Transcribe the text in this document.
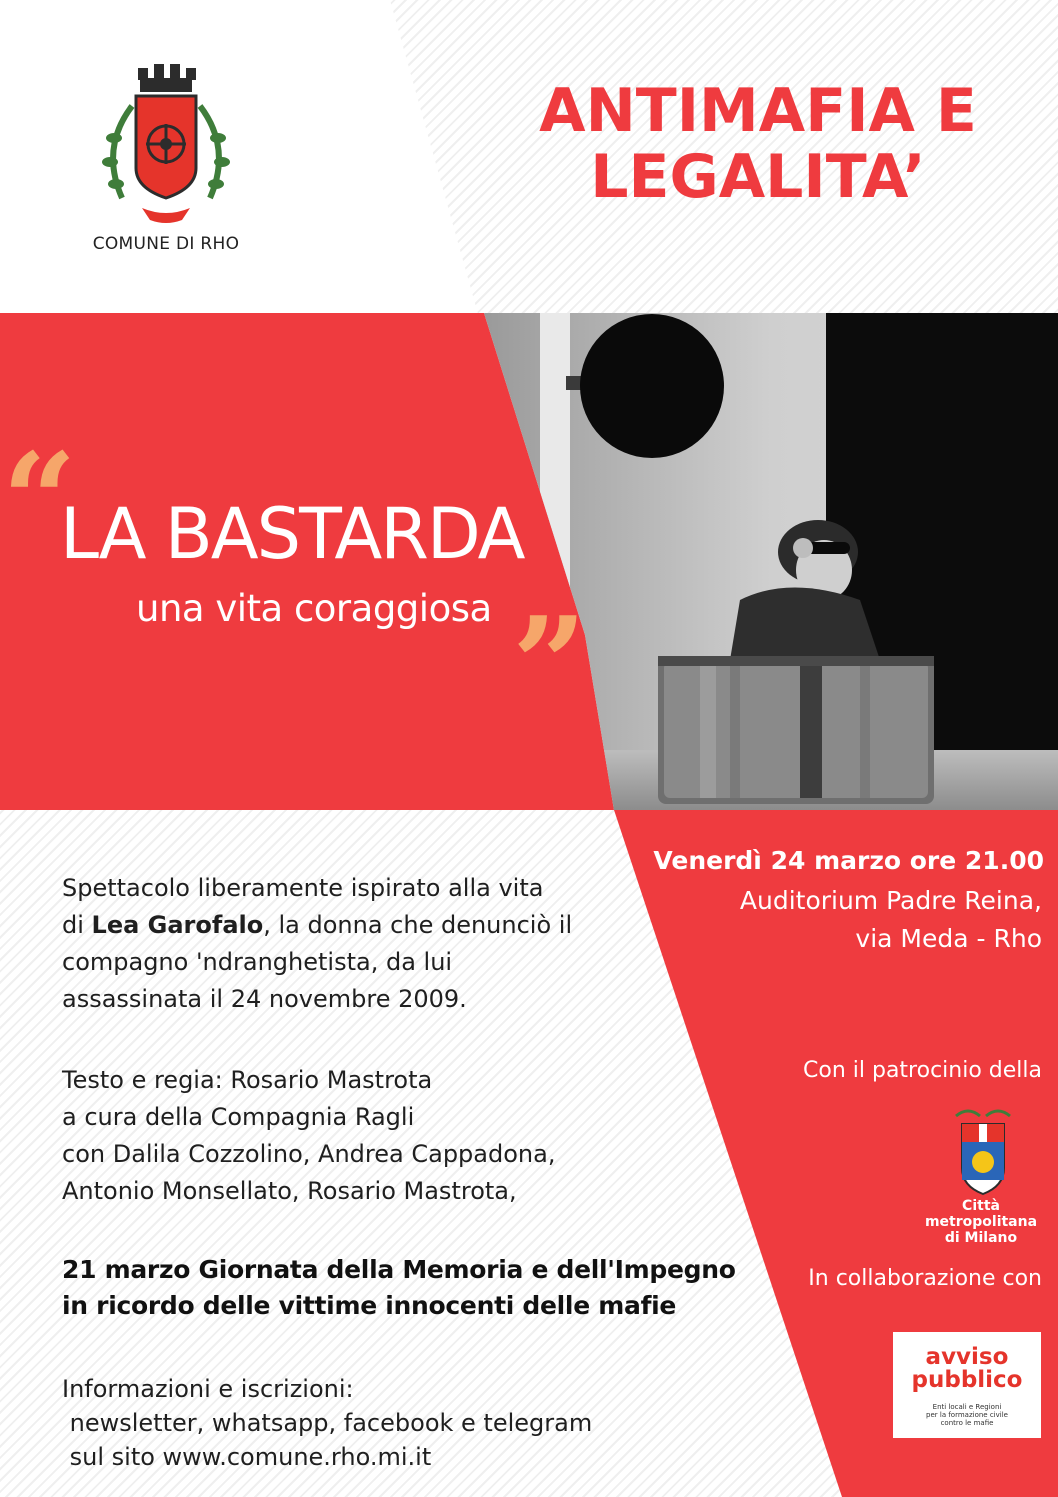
COMUNE DI RHO
ANTIMAFIA E
LEGALITA’
“
LA BASTARDA
una vita coraggiosa ”
Venerdì 24 marzo ore 21.00
Auditorium Padre Reina,
via Meda - Rho
Spettacolo liberamente ispirato alla vita
di Lea Garofalo, la donna che denunciò il
compagno 'ndranghetista, da lui
assassinata il 24 novembre 2009.
Testo e regia: Rosario Mastrota
a cura della Compagnia Ragli
con Dalila Cozzolino, Andrea Cappadona,
Antonio Monsellato, Rosario Mastrota,
21 marzo Giornata della Memoria e dell'Impegno
in ricordo delle vittime innocenti delle mafie
Informazioni e iscrizioni:
newsletter, whatsapp, facebook e telegram
sul sito www.comune.rho.mi.it
Con il patrocinio della
Città
metropolitana
di Milano
In collaborazione con
avviso
pubblico
Enti locali e Regioni
per la formazione civile
contro le mafie
